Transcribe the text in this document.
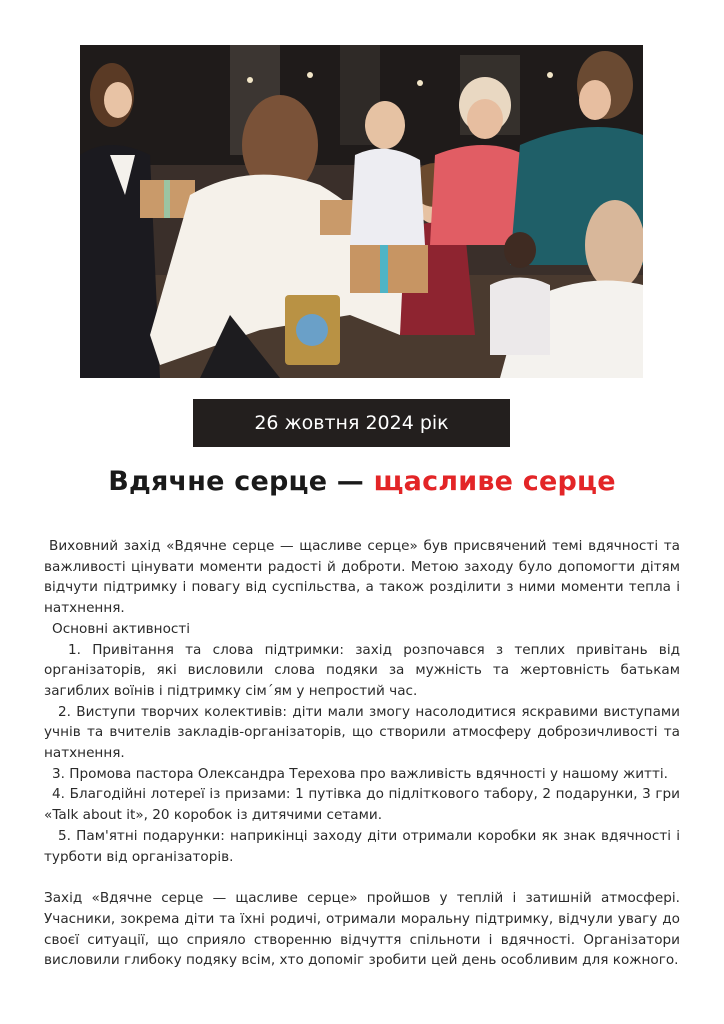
26 жовтня 2024 рік
Вдячне серце — щасливе серце

Виховний захід «Вдячне серце — щасливе серце» був присвячений темі вдячності та важливості цінувати моменти радості й доброти. Метою заходу було допомогти дітям відчути підтримку і повагу від суспільства, а також розділити з ними моменти тепла і натхнення.

Основні активності

1. Привітання та слова підтримки: захід розпочався з теплих привітань від організаторів, які висловили слова подяки за мужність та жертовність батькам загиблих воїнів і підтримку сім´ям у непростий час.

2. Виступи творчих колективів: діти мали змогу насолодитися яскравими виступами учнів та вчителів закладів-організаторів, що створили атмосферу доброзичливості та натхнення.

3. Промова пастора Олександра Терехова про важливість вдячності у нашому житті.

4. Благодійні лотереї із призами: 1 путівка до підліткового табору, 2 подарунки, 3 гри «Talk about it», 20 коробок із дитячими сетами.

5. Пам'ятні подарунки: наприкінці заходу діти отримали коробки як знак вдячності і турботи від організаторів.

Захід «Вдячне серце — щасливе серце» пройшов у теплій і затишній атмосфері. Учасники, зокрема діти та їхні родичі, отримали моральну підтримку, відчули увагу до своєї ситуації, що сприяло створенню відчуття спільноти і вдячності. Організатори висловили глибоку подяку всім, хто допоміг зробити цей день особливим для кожного.
